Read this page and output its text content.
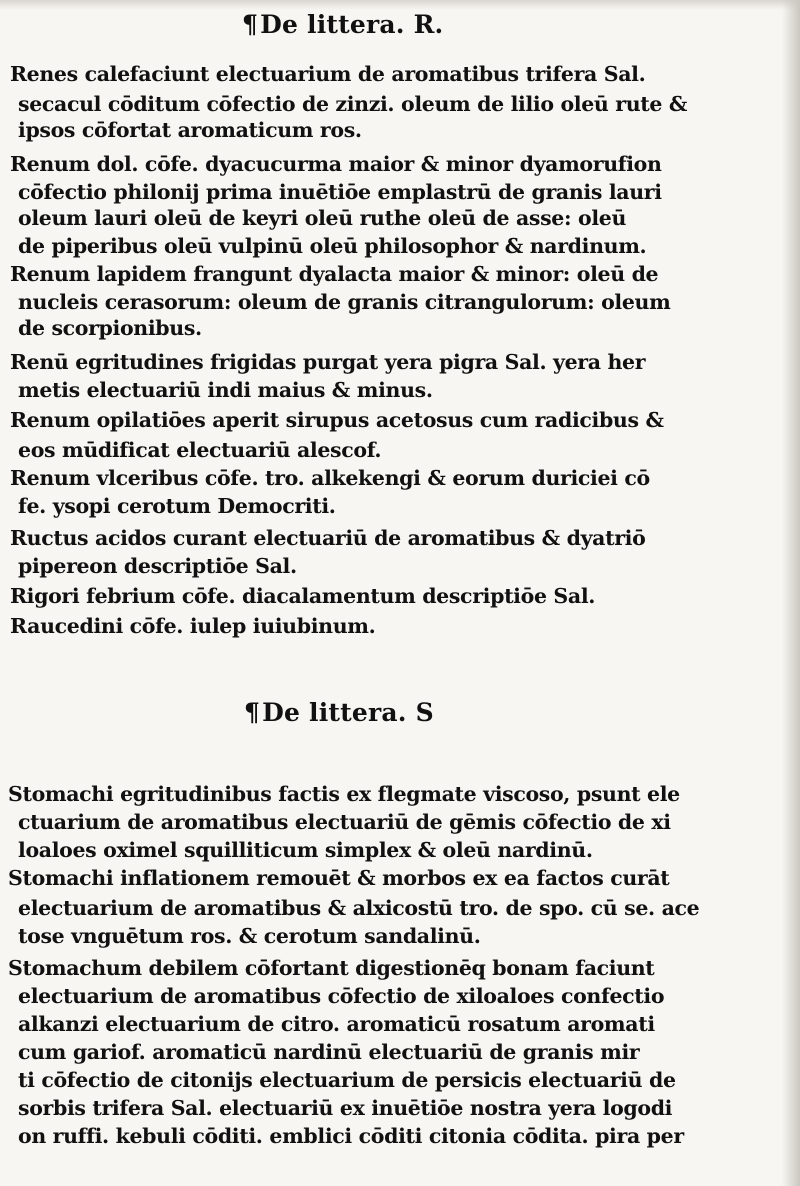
¶De littera. R.
Renes calefaciunt electuarium de aromatibus trifera Sal.
secacul cōditum cōfectio de zinzi. oleum de lilio oleū rute &
ipsos cōfortat aromaticum ros.
Renum dol. cōfe. dyacucurma maior & minor dyamorufion
cōfectio philonij prima inuētiōe emplastrū de granis lauri
oleum lauri oleū de keyri oleū ruthe oleū de asse: oleū
de piperibus oleū vulpinū oleū philosophor & nardinum.
Renum lapidem frangunt dyalacta maior & minor: oleū de
nucleis cerasorum: oleum de granis citrangulorum: oleum
de scorpionibus.
Renū egritudines frigidas purgat yera pigra Sal. yera her
metis electuariū indi maius & minus.
Renum opilatiōes aperit sirupus acetosus cum radicibus &
eos mūdificat electuariū alescof.
Renum vlceribus cōfe. tro. alkekengi & eorum duriciei cō
fe. ysopi cerotum Democriti.
Ructus acidos curant electuariū de aromatibus & dyatriō
pipereon descriptiōe Sal.
Rigori febrium cōfe. diacalamentum descriptiōe Sal.
Raucedini cōfe. iulep iuiubinum.
¶De littera. S
Stomachi egritudinibus factis ex flegmate viscoso, psunt ele
ctuarium de aromatibus electuariū de gēmis cōfectio de xi
loaloes oximel squilliticum simplex & oleū nardinū.
Stomachi inflationem remouēt & morbos ex ea factos curāt
electuarium de aromatibus & alxicostū tro. de spo. cū se. ace
tose vnguētum ros. & cerotum sandalinū.
Stomachum debilem cōfortant digestionēq bonam faciunt
electuarium de aromatibus cōfectio de xiloaloes confectio
alkanzi electuarium de citro. aromaticū rosatum aromati
cum gariof. aromaticū nardinū electuariū de granis mir
ti cōfectio de citonijs electuarium de persicis electuariū de
sorbis trifera Sal. electuariū ex inuētiōe nostra yera logodi
on ruffi. kebuli cōditi. emblici cōditi citonia cōdita. pira per
